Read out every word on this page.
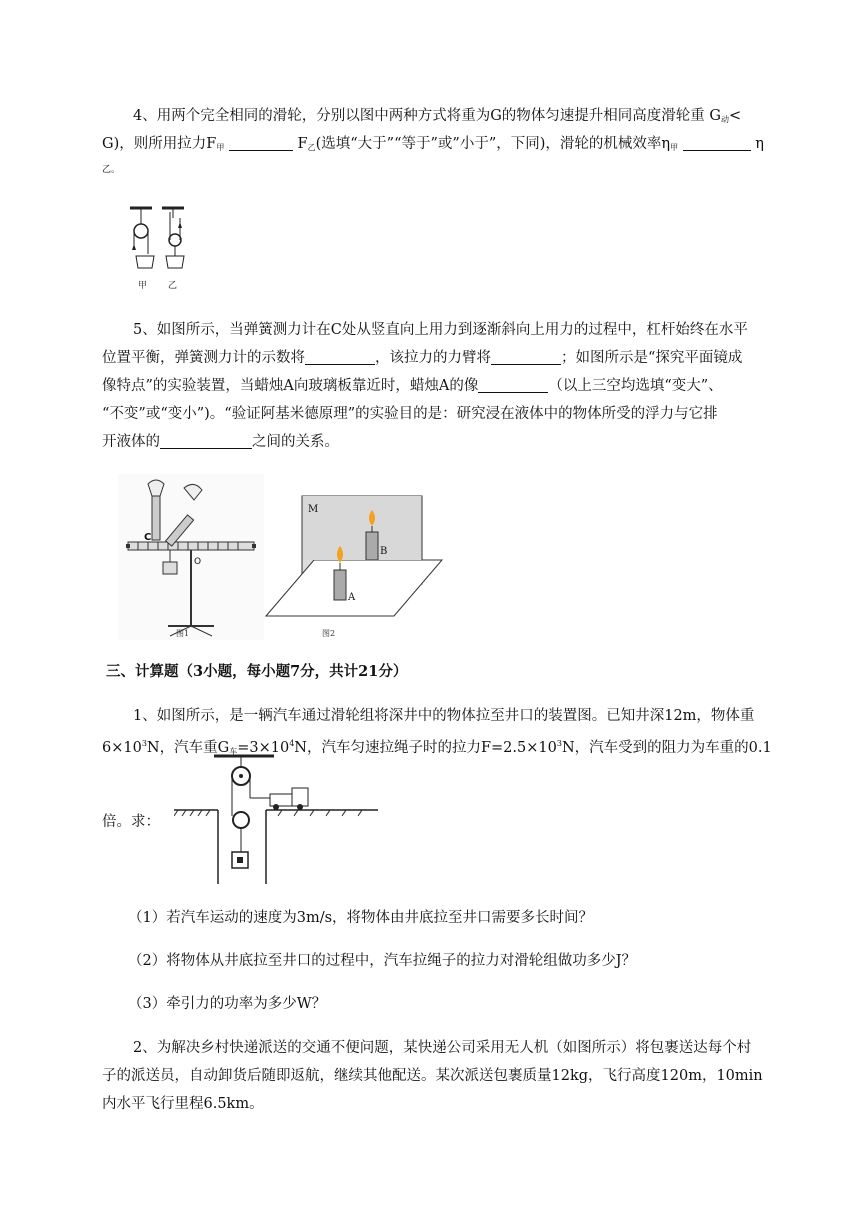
4、用两个完全相同的滑轮，分别以图中两种方式将重为G的物体匀速提升相同高度滑轮重 $G_动<$
G)，则所用拉力$F_甲$	$F_乙$(选填“大于”“等于”或”小于”，下同)，滑轮的机械效率$\eta_甲$	η
乙。
甲 乙
5、如图所示，当弹簧测力计在C处从竖直向上用力到逐渐斜向上用力的过程中，杠杆始终在水平
位置平衡，弹簧测力计的示数将	，该拉力的力臂将	；如图所示是“探究平面镜成
像特点”的实验装置，当蜡烛A向玻璃板靠近时，蜡烛A的像	（以上三空均选填“变大”、
“不变”或“变小”)。“验证阿基米德原理”的实验目的是：研究浸在液体中的物体所受的浮力与它排
开液体的	之间的关系。
C
O
图1
M
B
A
图2
三、计算题（3小题，每小题7分，共计21分）
1、如图所示，是一辆汽车通过滑轮组将深井中的物体拉至井口的装置图。已知井深12m，物体重
$6\times 10^3N$，汽车重$G_车=3\times 10^4N$，汽车匀速拉绳子时的拉力$F=2.5\times 10^3N$，汽车受到的阻力为车重的0.1
倍。求：
（1）若汽车运动的速度为3m/s，将物体由井底拉至井口需要多长时间？
（2）将物体从井底拉至井口的过程中，汽车拉绳子的拉力对滑轮组做功多少J？
（3）牵引力的功率为多少W？
2、为解决乡村快递派送的交通不便问题，某快递公司采用无人机（如图所示）将包裹送达每个村
子的派送员，自动卸货后随即返航，继续其他配送。某次派送包裹质量12kg，飞行高度120m，10min
内水平飞行里程6.5km。
